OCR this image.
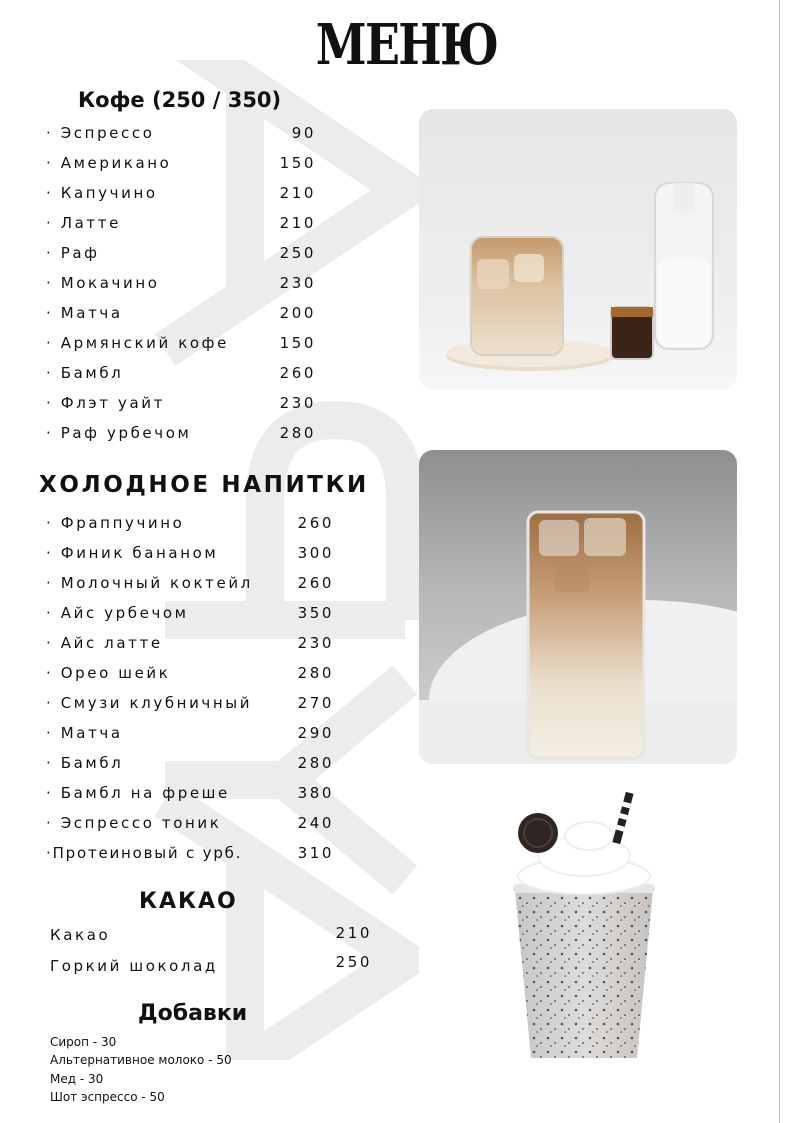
МЕНЮ
Кофе (250 / 350)
· Эспрессо	90
· Американо	150
· Капучино	210
· Латте	210
· Раф	250
· Мокачино	230
· Матча	200
· Армянский кофе	150
· Бамбл	260
· Флэт уайт	230
· Раф урбечом	280
ХОЛОДНОЕ НАПИТКИ
· Фраппучино	260
· Финик бананом	300
· Молочный коктейл	260
· Айс урбечом	350
· Айс латте	230
· Орео шейк	280
· Смузи клубничный	270
· Матча	290
· Бамбл	280
· Бамбл на фреше	380
· Эспрессо тоник	240
·Протеиновый с урб.	310
КАКАО
Какао	210
Горкий шоколад	250
Добавки
Сироп - 30
Альтернативное молоко - 50
Мед - 30
Шот эспрессо - 50
